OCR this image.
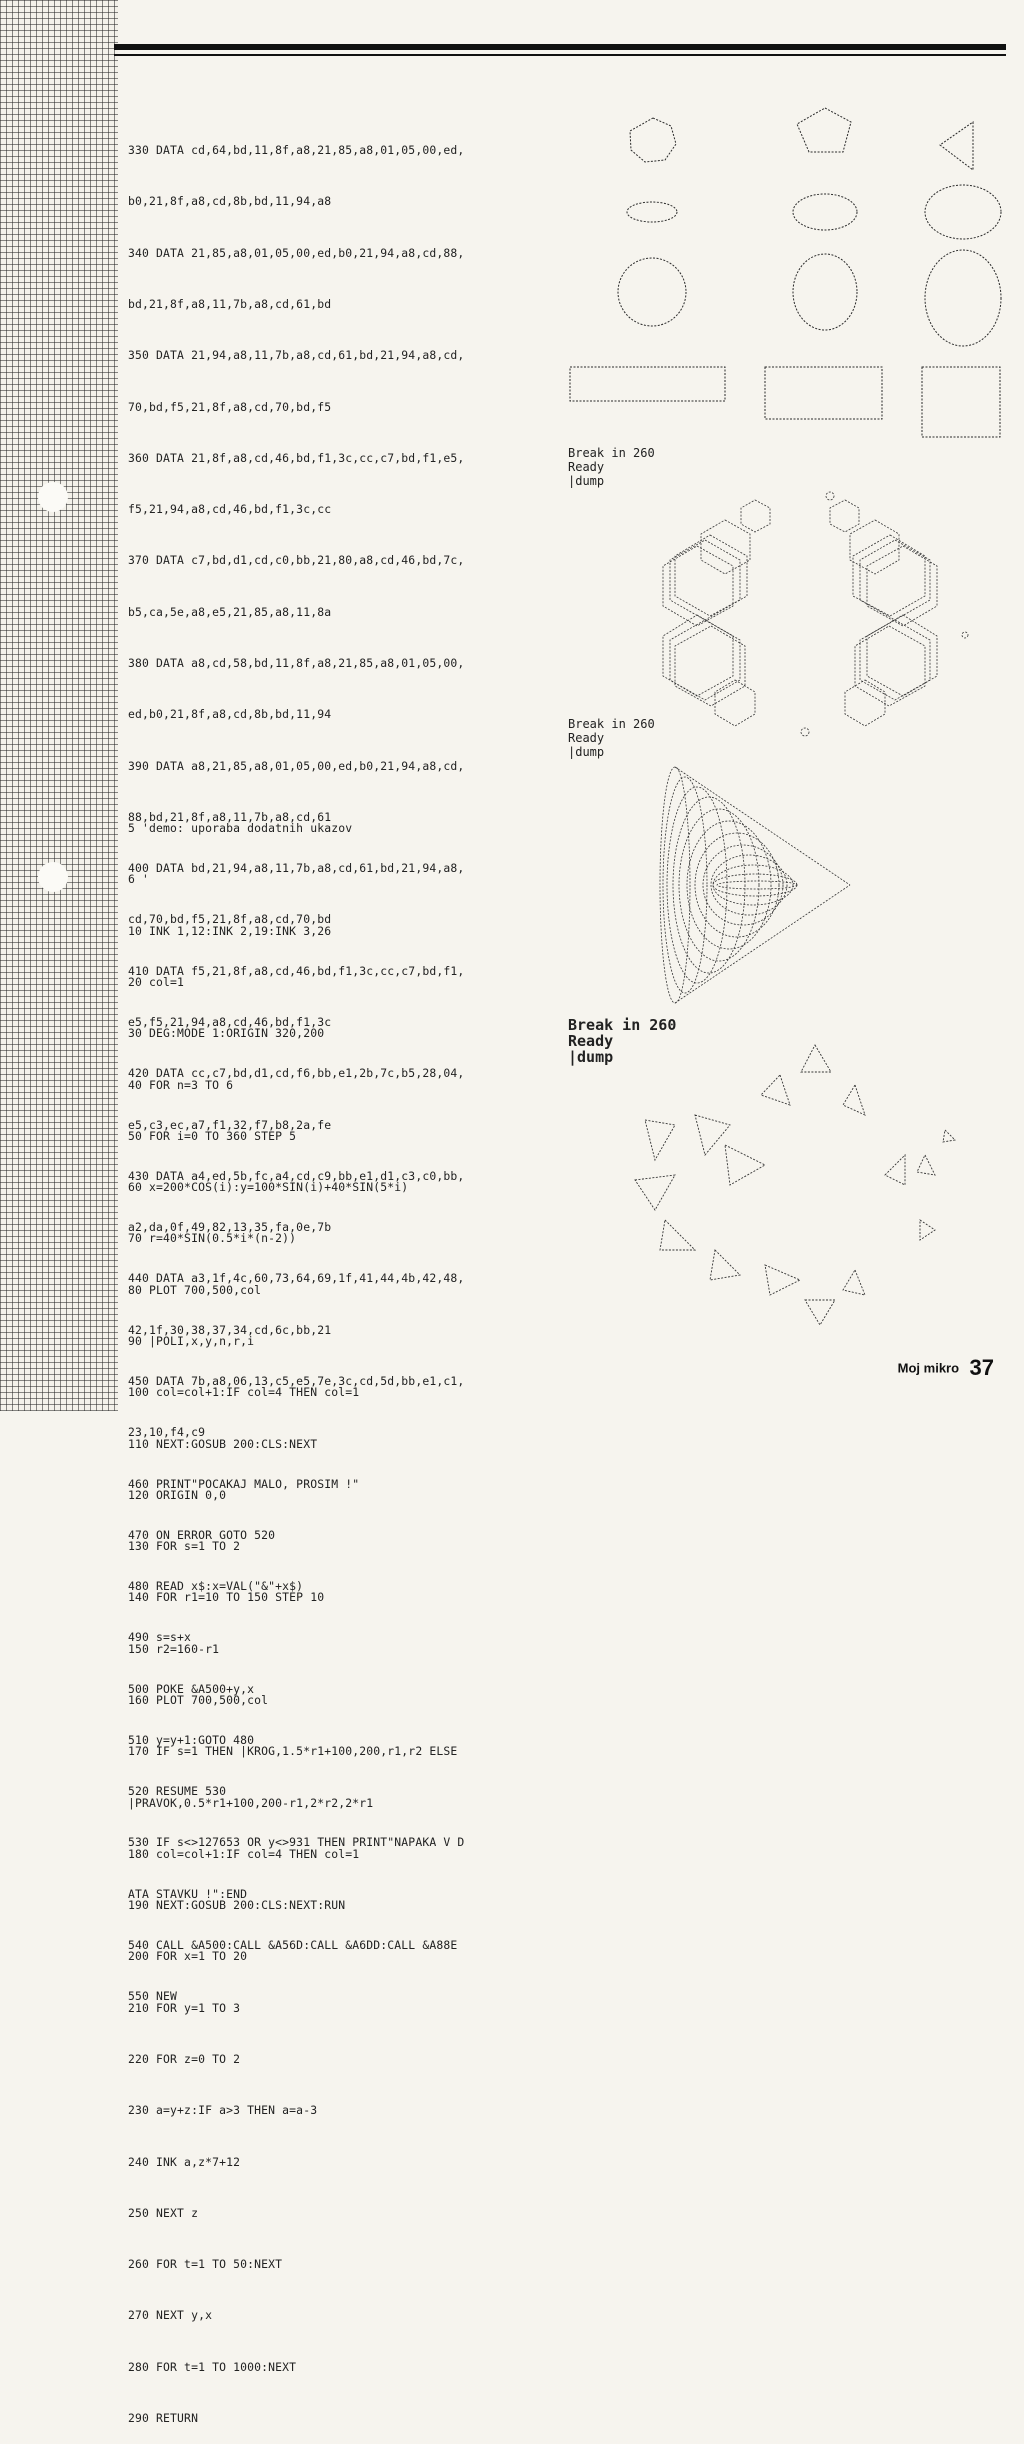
330 DATA cd,64,bd,11,8f,a8,21,85,a8,01,05,00,ed,

b0,21,8f,a8,cd,8b,bd,11,94,a8

340 DATA 21,85,a8,01,05,00,ed,b0,21,94,a8,cd,88,

bd,21,8f,a8,11,7b,a8,cd,61,bd

350 DATA 21,94,a8,11,7b,a8,cd,61,bd,21,94,a8,cd,

70,bd,f5,21,8f,a8,cd,70,bd,f5

360 DATA 21,8f,a8,cd,46,bd,f1,3c,cc,c7,bd,f1,e5,

f5,21,94,a8,cd,46,bd,f1,3c,cc

370 DATA c7,bd,d1,cd,c0,bb,21,80,a8,cd,46,bd,7c,

b5,ca,5e,a8,e5,21,85,a8,11,8a

380 DATA a8,cd,58,bd,11,8f,a8,21,85,a8,01,05,00,

ed,b0,21,8f,a8,cd,8b,bd,11,94

390 DATA a8,21,85,a8,01,05,00,ed,b0,21,94,a8,cd,

88,bd,21,8f,a8,11,7b,a8,cd,61

400 DATA bd,21,94,a8,11,7b,a8,cd,61,bd,21,94,a8,

cd,70,bd,f5,21,8f,a8,cd,70,bd

410 DATA f5,21,8f,a8,cd,46,bd,f1,3c,cc,c7,bd,f1,

e5,f5,21,94,a8,cd,46,bd,f1,3c

420 DATA cc,c7,bd,d1,cd,f6,bb,e1,2b,7c,b5,28,04,

e5,c3,ec,a7,f1,32,f7,b8,2a,fe

430 DATA a4,ed,5b,fc,a4,cd,c9,bb,e1,d1,c3,c0,bb,

a2,da,0f,49,82,13,35,fa,0e,7b

440 DATA a3,1f,4c,60,73,64,69,1f,41,44,4b,42,48,

42,1f,30,38,37,34,cd,6c,bb,21

450 DATA 7b,a8,06,13,c5,e5,7e,3c,cd,5d,bb,e1,c1,

23,10,f4,c9

460 PRINT"POCAKAJ MALO, PROSIM !"

470 ON ERROR GOTO 520

480 READ x$:x=VAL("&"+x$)

490 s=s+x

500 POKE &A500+y,x

510 y=y+1:GOTO 480

520 RESUME 530

530 IF s<>127653 OR y<>931 THEN PRINT"NAPAKA V D

ATA STAVKU !":END

540 CALL &A500:CALL &A56D:CALL &A6DD:CALL &A88E

550 NEW

5 'demo: uporaba dodatnih ukazov

6 '

10 INK 1,12:INK 2,19:INK 3,26

20 col=1

30 DEG:MODE 1:ORIGIN 320,200

40 FOR n=3 TO 6

50 FOR i=0 TO 360 STEP 5

60 x=200*COS(i):y=100*SIN(i)+40*SIN(5*i)

70 r=40*SIN(0.5*i*(n-2))

80 PLOT 700,500,col

90 |POLI,x,y,n,r,i

100 col=col+1:IF col=4 THEN col=1

110 NEXT:GOSUB 200:CLS:NEXT

120 ORIGIN 0,0

130 FOR s=1 TO 2

140 FOR r1=10 TO 150 STEP 10

150 r2=160-r1

160 PLOT 700,500,col

170 IF s=1 THEN |KROG,1.5*r1+100,200,r1,r2 ELSE

|PRAVOK,0.5*r1+100,200-r1,2*r2,2*r1

180 col=col+1:IF col=4 THEN col=1

190 NEXT:GOSUB 200:CLS:NEXT:RUN

200 FOR x=1 TO 20

210 FOR y=1 TO 3

220 FOR z=0 TO 2

230 a=y+z:IF a>3 THEN a=a-3

240 INK a,z*7+12

250 NEXT z

260 FOR t=1 TO 50:NEXT

270 NEXT y,x

280 FOR t=1 TO 1000:NEXT

290 RETURN

Break in 260
Ready
|dump
Break in 260
Ready
|dump
Break in 260
Ready
|dump
Moj mikro 37
